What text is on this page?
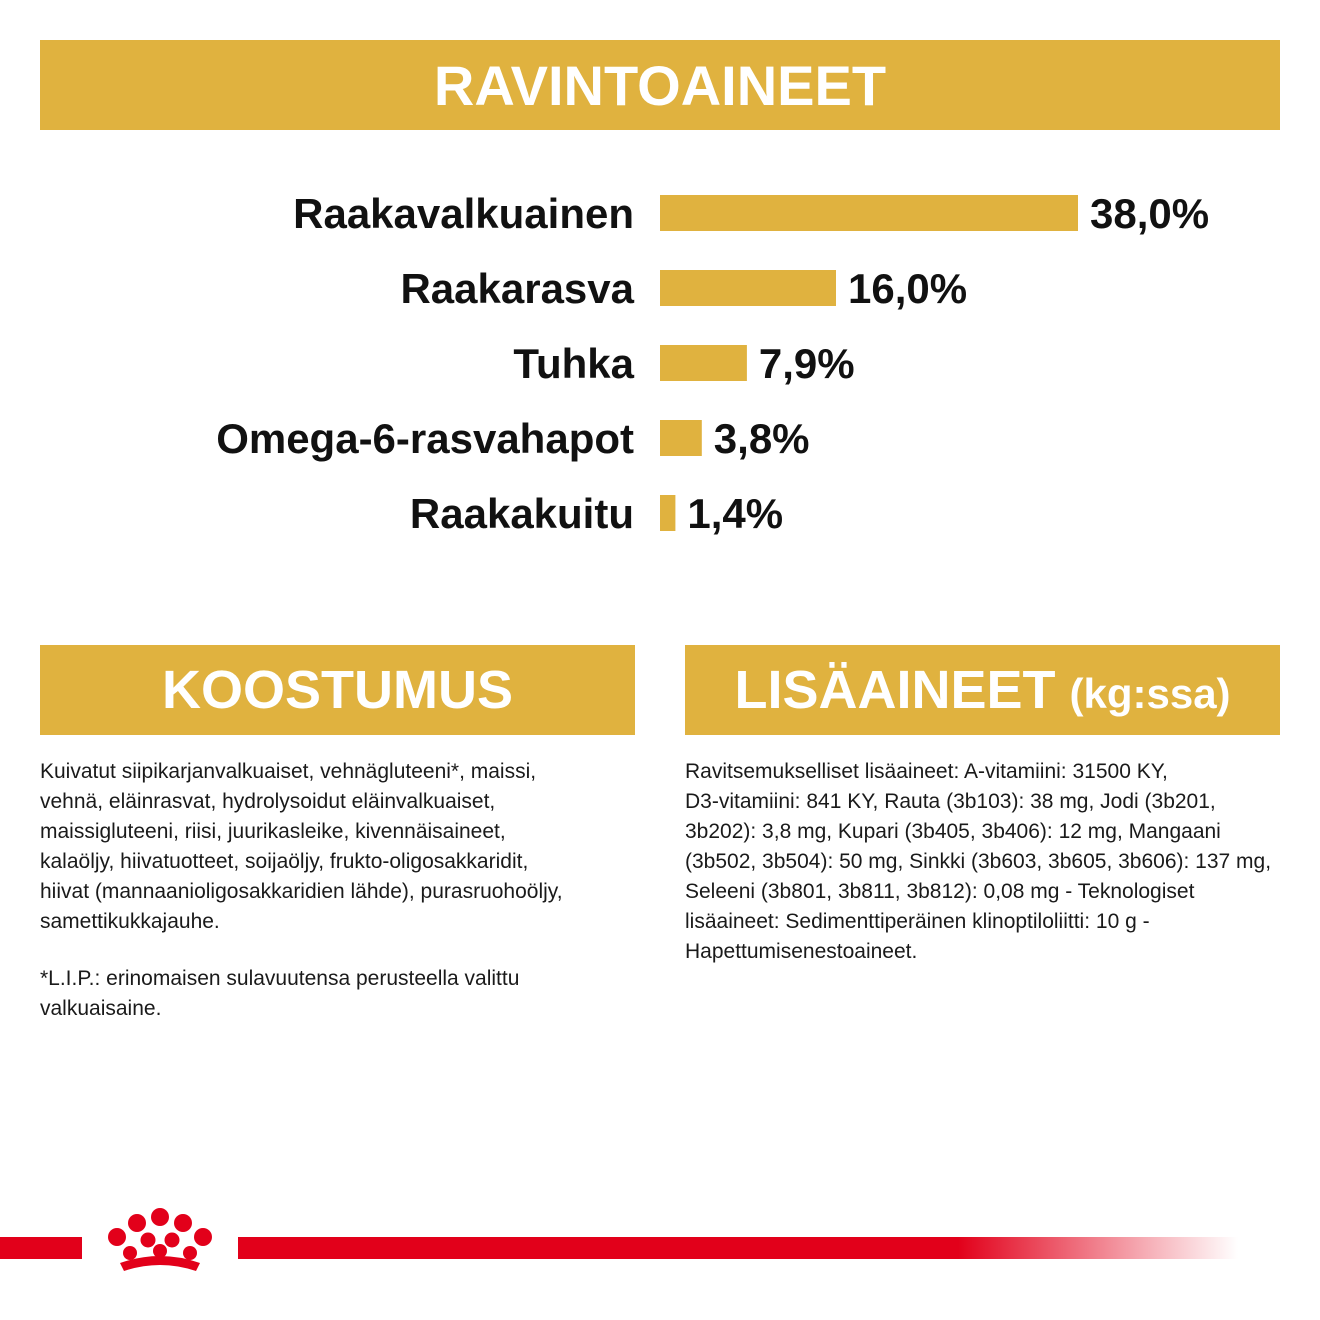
RAVINTOAINEET
Raakavalkuainen	38,0%
Raakarasva	16,0%
Tuhka	7,9%
Omega-6-rasvahapot 3,8%
Raakakuitu 1,4%
KOOSTUMUS
Kuivatut siipikarjanvalkuaiset, vehnägluteeni*, maissi,
vehnä, eläinrasvat, hydrolysoidut eläinvalkuaiset,
maissigluteeni, riisi, juurikasleike, kivennäisaineet,
kalaöljy, hiivatuotteet, soijaöljy, frukto-oligosakkaridit,
hiivat (mannaanioligosakkaridien lähde), purasruohoöljy,
samettikukkajauhe.
*L.I.P.: erinomaisen sulavuutensa perusteella valittu
valkuaisaine.
LISÄAINEET (kg:ssa)
Ravitsemukselliset lisäaineet: A-vitamiini: 31500 KY,
D3-vitamiini: 841 KY, Rauta (3b103): 38 mg, Jodi (3b201,
3b202): 3,8 mg, Kupari (3b405, 3b406): 12 mg, Mangaani
(3b502, 3b504): 50 mg, Sinkki (3b603, 3b605, 3b606): 137 mg,
Seleeni (3b801, 3b811, 3b812): 0,08 mg - Teknologiset
lisäaineet: Sedimenttiperäinen klinoptiloliitti: 10 g -
Hapettumisenestoaineet.
